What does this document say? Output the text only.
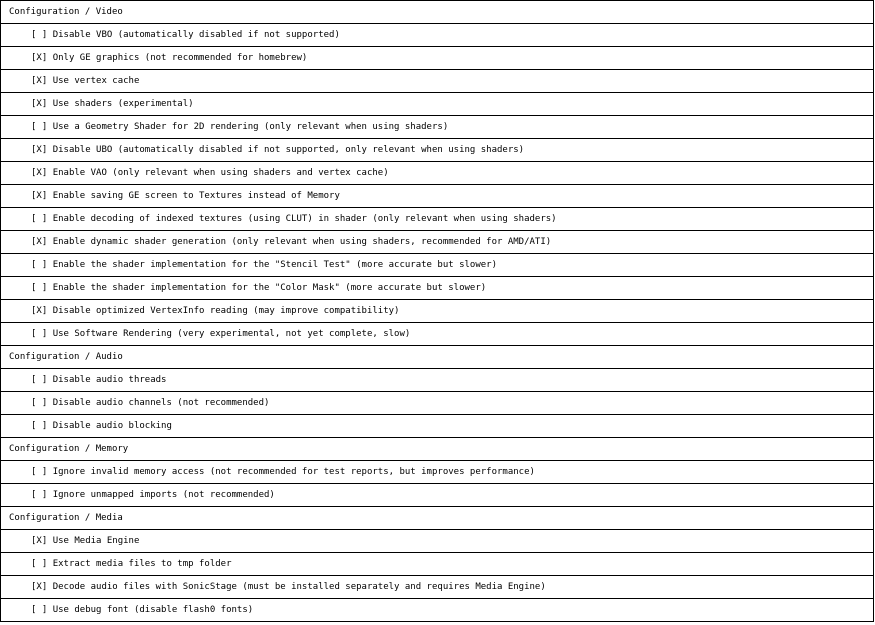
Configuration / Video
[ ] Disable VBO (automatically disabled if not supported)
[X] Only GE graphics (not recommended for homebrew)
[X] Use vertex cache
[X] Use shaders (experimental)
[ ] Use a Geometry Shader for 2D rendering (only relevant when using shaders)
[X] Disable UBO (automatically disabled if not supported, only relevant when using shaders)
[X] Enable VAO (only relevant when using shaders and vertex cache)
[X] Enable saving GE screen to Textures instead of Memory
[ ] Enable decoding of indexed textures (using CLUT) in shader (only relevant when using shaders)
[X] Enable dynamic shader generation (only relevant when using shaders, recommended for AMD/ATI)
[ ] Enable the shader implementation for the "Stencil Test" (more accurate but slower)
[ ] Enable the shader implementation for the "Color Mask" (more accurate but slower)
[X] Disable optimized VertexInfo reading (may improve compatibility)
[ ] Use Software Rendering (very experimental, not yet complete, slow)
Configuration / Audio
[ ] Disable audio threads
[ ] Disable audio channels (not recommended)
[ ] Disable audio blocking
Configuration / Memory
[ ] Ignore invalid memory access (not recommended for test reports, but improves performance)
[ ] Ignore unmapped imports (not recommended)
Configuration / Media
[X] Use Media Engine
[ ] Extract media files to tmp folder
[X] Decode audio files with SonicStage (must be installed separately and requires Media Engine)
[ ] Use debug font (disable flash0 fonts)
